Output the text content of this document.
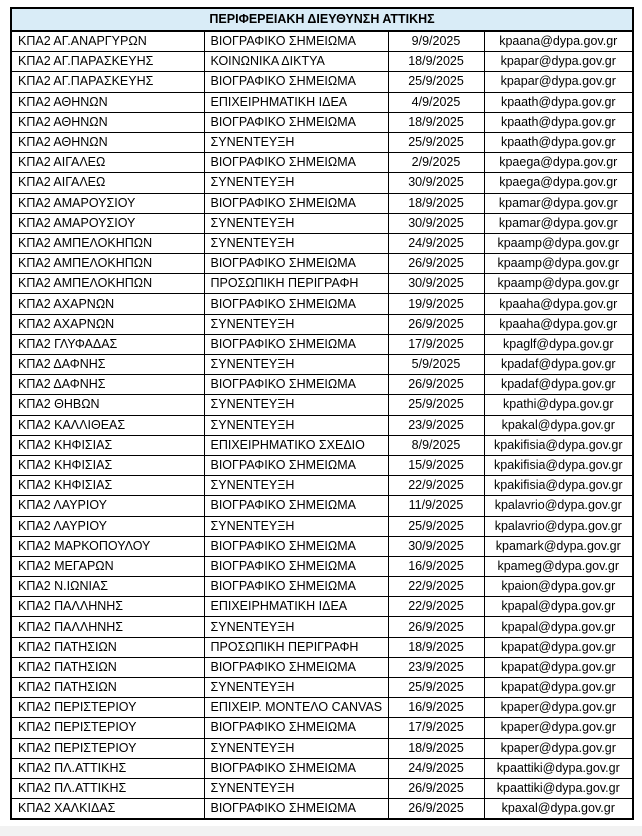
ΠΕΡΙΦΕΡΕΙΑΚΗ ΔΙΕΥΘΥΝΣΗ ΑΤΤΙΚΗΣ			
ΚΠΑ2 ΑΓ.ΑΝΑΡΓΥΡΩΝ	ΒΙΟΓΡΑΦΙΚΟ ΣΗΜΕΙΩΜΑ	9/9/2025	kpaana@dypa.gov.gr
ΚΠΑ2 ΑΓ.ΠΑΡΑΣΚΕΥΗΣ	ΚΟΙΝΩΝΙΚΑ ΔΙΚΤΥΑ	18/9/2025	kpapar@dypa.gov.gr
ΚΠΑ2 ΑΓ.ΠΑΡΑΣΚΕΥΗΣ	ΒΙΟΓΡΑΦΙΚΟ ΣΗΜΕΙΩΜΑ	25/9/2025	kpapar@dypa.gov.gr
ΚΠΑ2 ΑΘΗΝΩΝ	ΕΠΙΧΕΙΡΗΜΑΤΙΚΗ ΙΔΕΑ	4/9/2025	kpaath@dypa.gov.gr
ΚΠΑ2 ΑΘΗΝΩΝ	ΒΙΟΓΡΑΦΙΚΟ ΣΗΜΕΙΩΜΑ	18/9/2025	kpaath@dypa.gov.gr
ΚΠΑ2 ΑΘΗΝΩΝ	ΣΥΝΕΝΤΕΥΞΗ	25/9/2025	kpaath@dypa.gov.gr
ΚΠΑ2 ΑΙΓΑΛΕΩ	ΒΙΟΓΡΑΦΙΚΟ ΣΗΜΕΙΩΜΑ	2/9/2025	kpaega@dypa.gov.gr
ΚΠΑ2 ΑΙΓΑΛΕΩ	ΣΥΝΕΝΤΕΥΞΗ	30/9/2025	kpaega@dypa.gov.gr
ΚΠΑ2 ΑΜΑΡΟΥΣΙΟΥ	ΒΙΟΓΡΑΦΙΚΟ ΣΗΜΕΙΩΜΑ	18/9/2025	kpamar@dypa.gov.gr
ΚΠΑ2 ΑΜΑΡΟΥΣΙΟΥ	ΣΥΝΕΝΤΕΥΞΗ	30/9/2025	kpamar@dypa.gov.gr
ΚΠΑ2 ΑΜΠΕΛΟΚΗΠΩΝ	ΣΥΝΕΝΤΕΥΞΗ	24/9/2025	kpaamp@dypa.gov.gr
ΚΠΑ2 ΑΜΠΕΛΟΚΗΠΩΝ	ΒΙΟΓΡΑΦΙΚΟ ΣΗΜΕΙΩΜΑ	26/9/2025	kpaamp@dypa.gov.gr
ΚΠΑ2 ΑΜΠΕΛΟΚΗΠΩΝ	ΠΡΟΣΩΠΙΚΗ ΠΕΡΙΓΡΑΦΗ	30/9/2025	kpaamp@dypa.gov.gr
ΚΠΑ2 ΑΧΑΡΝΩΝ	ΒΙΟΓΡΑΦΙΚΟ ΣΗΜΕΙΩΜΑ	19/9/2025	kpaaha@dypa.gov.gr
ΚΠΑ2 ΑΧΑΡΝΩΝ	ΣΥΝΕΝΤΕΥΞΗ	26/9/2025	kpaaha@dypa.gov.gr
ΚΠΑ2 ΓΛΥΦΑΔΑΣ	ΒΙΟΓΡΑΦΙΚΟ ΣΗΜΕΙΩΜΑ	17/9/2025	kpaglf@dypa.gov.gr
ΚΠΑ2 ΔΑΦΝΗΣ	ΣΥΝΕΝΤΕΥΞΗ	5/9/2025	kpadaf@dypa.gov.gr
ΚΠΑ2 ΔΑΦΝΗΣ	ΒΙΟΓΡΑΦΙΚΟ ΣΗΜΕΙΩΜΑ	26/9/2025	kpadaf@dypa.gov.gr
ΚΠΑ2 ΘΗΒΩΝ	ΣΥΝΕΝΤΕΥΞΗ	25/9/2025	kpathi@dypa.gov.gr
ΚΠΑ2 ΚΑΛΛΙΘΕΑΣ	ΣΥΝΕΝΤΕΥΞΗ	23/9/2025	kpakal@dypa.gov.gr
ΚΠΑ2 ΚΗΦΙΣΙΑΣ	ΕΠΙΧΕΙΡΗΜΑΤΙΚΟ ΣΧΕΔΙΟ	8/9/2025	kpakifisia@dypa.gov.gr
ΚΠΑ2 ΚΗΦΙΣΙΑΣ	ΒΙΟΓΡΑΦΙΚΟ ΣΗΜΕΙΩΜΑ	15/9/2025	kpakifisia@dypa.gov.gr
ΚΠΑ2 ΚΗΦΙΣΙΑΣ	ΣΥΝΕΝΤΕΥΞΗ	22/9/2025	kpakifisia@dypa.gov.gr
ΚΠΑ2 ΛΑΥΡΙΟΥ	ΒΙΟΓΡΑΦΙΚΟ ΣΗΜΕΙΩΜΑ	11/9/2025	kpalavrio@dypa.gov.gr
ΚΠΑ2 ΛΑΥΡΙΟΥ	ΣΥΝΕΝΤΕΥΞΗ	25/9/2025	kpalavrio@dypa.gov.gr
ΚΠΑ2 ΜΑΡΚΟΠΟΥΛΟΥ	ΒΙΟΓΡΑΦΙΚΟ ΣΗΜΕΙΩΜΑ	30/9/2025	kpamark@dypa.gov.gr
ΚΠΑ2 ΜΕΓΑΡΩΝ	ΒΙΟΓΡΑΦΙΚΟ ΣΗΜΕΙΩΜΑ	16/9/2025	kpameg@dypa.gov.gr
ΚΠΑ2 Ν.ΙΩΝΙΑΣ	ΒΙΟΓΡΑΦΙΚΟ ΣΗΜΕΙΩΜΑ	22/9/2025	kpaion@dypa.gov.gr
ΚΠΑ2 ΠΑΛΛΗΝΗΣ	ΕΠΙΧΕΙΡΗΜΑΤΙΚΗ ΙΔΕΑ	22/9/2025	kpapal@dypa.gov.gr
ΚΠΑ2 ΠΑΛΛΗΝΗΣ	ΣΥΝΕΝΤΕΥΞΗ	26/9/2025	kpapal@dypa.gov.gr
ΚΠΑ2 ΠΑΤΗΣΙΩΝ	ΠΡΟΣΩΠΙΚΗ ΠΕΡΙΓΡΑΦΗ	18/9/2025	kpapat@dypa.gov.gr
ΚΠΑ2 ΠΑΤΗΣΙΩΝ	ΒΙΟΓΡΑΦΙΚΟ ΣΗΜΕΙΩΜΑ	23/9/2025	kpapat@dypa.gov.gr
ΚΠΑ2 ΠΑΤΗΣΙΩΝ	ΣΥΝΕΝΤΕΥΞΗ	25/9/2025	kpapat@dypa.gov.gr
ΚΠΑ2 ΠΕΡΙΣΤΕΡΙΟΥ	ΕΠΙΧΕΙΡ. ΜΟΝΤΕΛΟ CANVAS	16/9/2025	kpaper@dypa.gov.gr
ΚΠΑ2 ΠΕΡΙΣΤΕΡΙΟΥ	ΒΙΟΓΡΑΦΙΚΟ ΣΗΜΕΙΩΜΑ	17/9/2025	kpaper@dypa.gov.gr
ΚΠΑ2 ΠΕΡΙΣΤΕΡΙΟΥ	ΣΥΝΕΝΤΕΥΞΗ	18/9/2025	kpaper@dypa.gov.gr
ΚΠΑ2 ΠΛ.ΑΤΤΙΚΗΣ	ΒΙΟΓΡΑΦΙΚΟ ΣΗΜΕΙΩΜΑ	24/9/2025	kpaattiki@dypa.gov.gr
ΚΠΑ2 ΠΛ.ΑΤΤΙΚΗΣ	ΣΥΝΕΝΤΕΥΞΗ	26/9/2025	kpaattiki@dypa.gov.gr
ΚΠΑ2 ΧΑΛΚΙΔΑΣ	ΒΙΟΓΡΑΦΙΚΟ ΣΗΜΕΙΩΜΑ	26/9/2025	kpaxal@dypa.gov.gr
